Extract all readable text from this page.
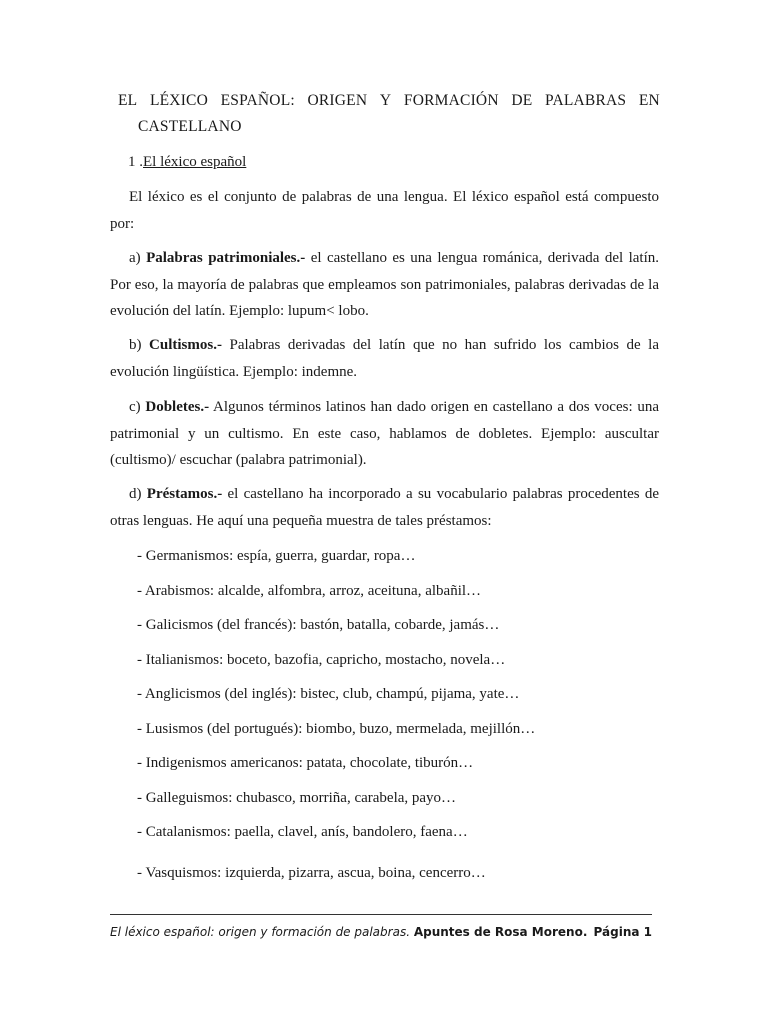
EL LÉXICO ESPAÑOL: ORIGEN Y FORMACIÓN DE PALABRAS EN
CASTELLANO
1 .El léxico español
El léxico es el conjunto de palabras de una lengua. El léxico español está compuesto por:
a) Palabras patrimoniales.- el castellano es una lengua románica, derivada del latín. Por eso, la mayoría de palabras que empleamos son patrimoniales, palabras derivadas de la evolución del latín. Ejemplo: lupum< lobo.
b) Cultismos.- Palabras derivadas del latín que no han sufrido los cambios de la evolución lingüística. Ejemplo: indemne.
c) Dobletes.- Algunos términos latinos han dado origen en castellano a dos voces: una patrimonial y un cultismo. En este caso, hablamos de dobletes. Ejemplo: auscultar (cultismo)/ escuchar (palabra patrimonial).
d) Préstamos.- el castellano ha incorporado a su vocabulario palabras procedentes de otras lenguas. He aquí una pequeña muestra de tales préstamos:
- Germanismos: espía, guerra, guardar, ropa…
- Arabismos: alcalde, alfombra, arroz, aceituna, albañil…
- Galicismos (del francés): bastón, batalla, cobarde, jamás…
- Italianismos: boceto, bazofia, capricho, mostacho, novela…
- Anglicismos (del inglés): bistec, club, champú, pijama, yate…
- Lusismos (del portugués): biombo, buzo, mermelada, mejillón…
- Indigenismos americanos: patata, chocolate, tiburón…
- Galleguismos: chubasco, morriña, carabela, payo…
- Catalanismos: paella, clavel, anís, bandolero, faena…
- Vasquismos: izquierda, pizarra, ascua, boina, cencerro…
El léxico español: origen y formación de palabras. Apuntes de Rosa Moreno. Página 1
